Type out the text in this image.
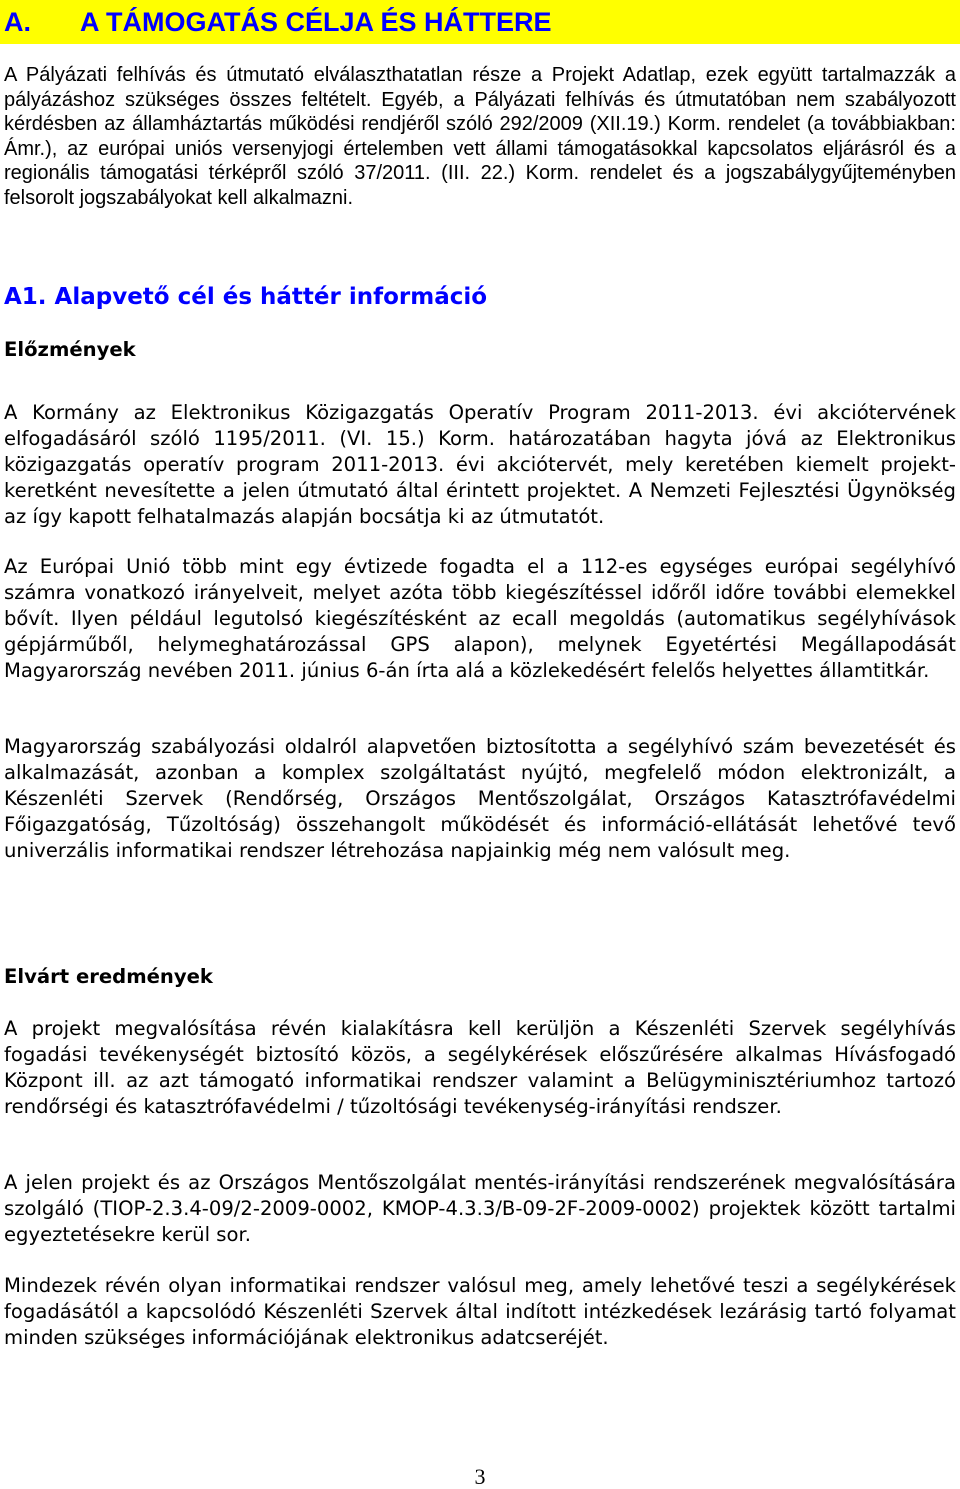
A. A TÁMOGATÁS CÉLJA ÉS HÁTTERE

A Pályázati felhívás és útmutató elválaszthatatlan része a Projekt Adatlap, ezek együtt tartalmazzák a pályázáshoz szükséges összes feltételt. Egyéb, a Pályázati felhívás és útmutatóban nem szabályozott kérdésben az államháztartás működési rendjéről szóló 292/2009 (XII.19.) Korm. rendelet (a továbbiakban: Ámr.), az európai uniós versenyjogi értelemben vett állami támogatásokkal kapcsolatos eljárásról és a regionális támogatási térképről szóló 37/2011. (III. 22.) Korm. rendelet és a jogszabálygyűjteményben felsorolt jogszabályokat kell alkalmazni.

A1. Alapvető cél és háttér információ
Előzmények

A Kormány az Elektronikus Közigazgatás Operatív Program 2011-2013. évi akciótervének elfogadásáról szóló 1195/2011. (VI. 15.) Korm. határozatában hagyta jóvá az Elektronikus közigazgatás operatív program 2011-2013. évi akciótervét, mely keretében kiemelt projekt-keretként nevesítette a jelen útmutató által érintett projektet. A Nemzeti Fejlesztési Ügynökség az így kapott felhatalmazás alapján bocsátja ki az útmutatót.

Az Európai Unió több mint egy évtizede fogadta el a 112-es egységes európai segélyhívó számra vonatkozó irányelveit, melyet azóta több kiegészítéssel időről időre további elemekkel bővít. Ilyen például legutolsó kiegészítésként az ecall megoldás (automatikus segélyhívások gépjárműből, helymeghatározással GPS alapon), melynek Egyetértési Megállapodását Magyarország nevében 2011. június 6-án írta alá a közlekedésért felelős helyettes államtitkár.

Magyarország szabályozási oldalról alapvetően biztosította a segélyhívó szám bevezetését és alkalmazását, azonban a komplex szolgáltatást nyújtó, megfelelő módon elektronizált, a Készenléti Szervek (Rendőrség, Országos Mentőszolgálat, Országos Katasztrófavédelmi Főigazgatóság, Tűzoltóság) összehangolt működését és információ-ellátását lehetővé tevő univerzális informatikai rendszer létrehozása napjainkig még nem valósult meg.

Elvárt eredmények

A projekt megvalósítása révén kialakításra kell kerüljön a Készenléti Szervek segélyhívás fogadási tevékenységét biztosító közös, a segélykérések előszűrésére alkalmas Hívásfogadó Központ ill. az azt támogató informatikai rendszer valamint a Belügyminisztériumhoz tartozó rendőrségi és katasztrófavédelmi / tűzoltósági tevékenység-irányítási rendszer.

A jelen projekt és az Országos Mentőszolgálat mentés-irányítási rendszerének megvalósítására szolgáló (TIOP-2.3.4-09/2-2009-0002, KMOP-4.3.3/B-09-2F-2009-0002) projektek között tartalmi egyeztetésekre kerül sor.

Mindezek révén olyan informatikai rendszer valósul meg, amely lehetővé teszi a segélykérések fogadásától a kapcsolódó Készenléti Szervek által indított intézkedések lezárásig tartó folyamat minden szükséges információjának elektronikus adatcseréjét.

3
